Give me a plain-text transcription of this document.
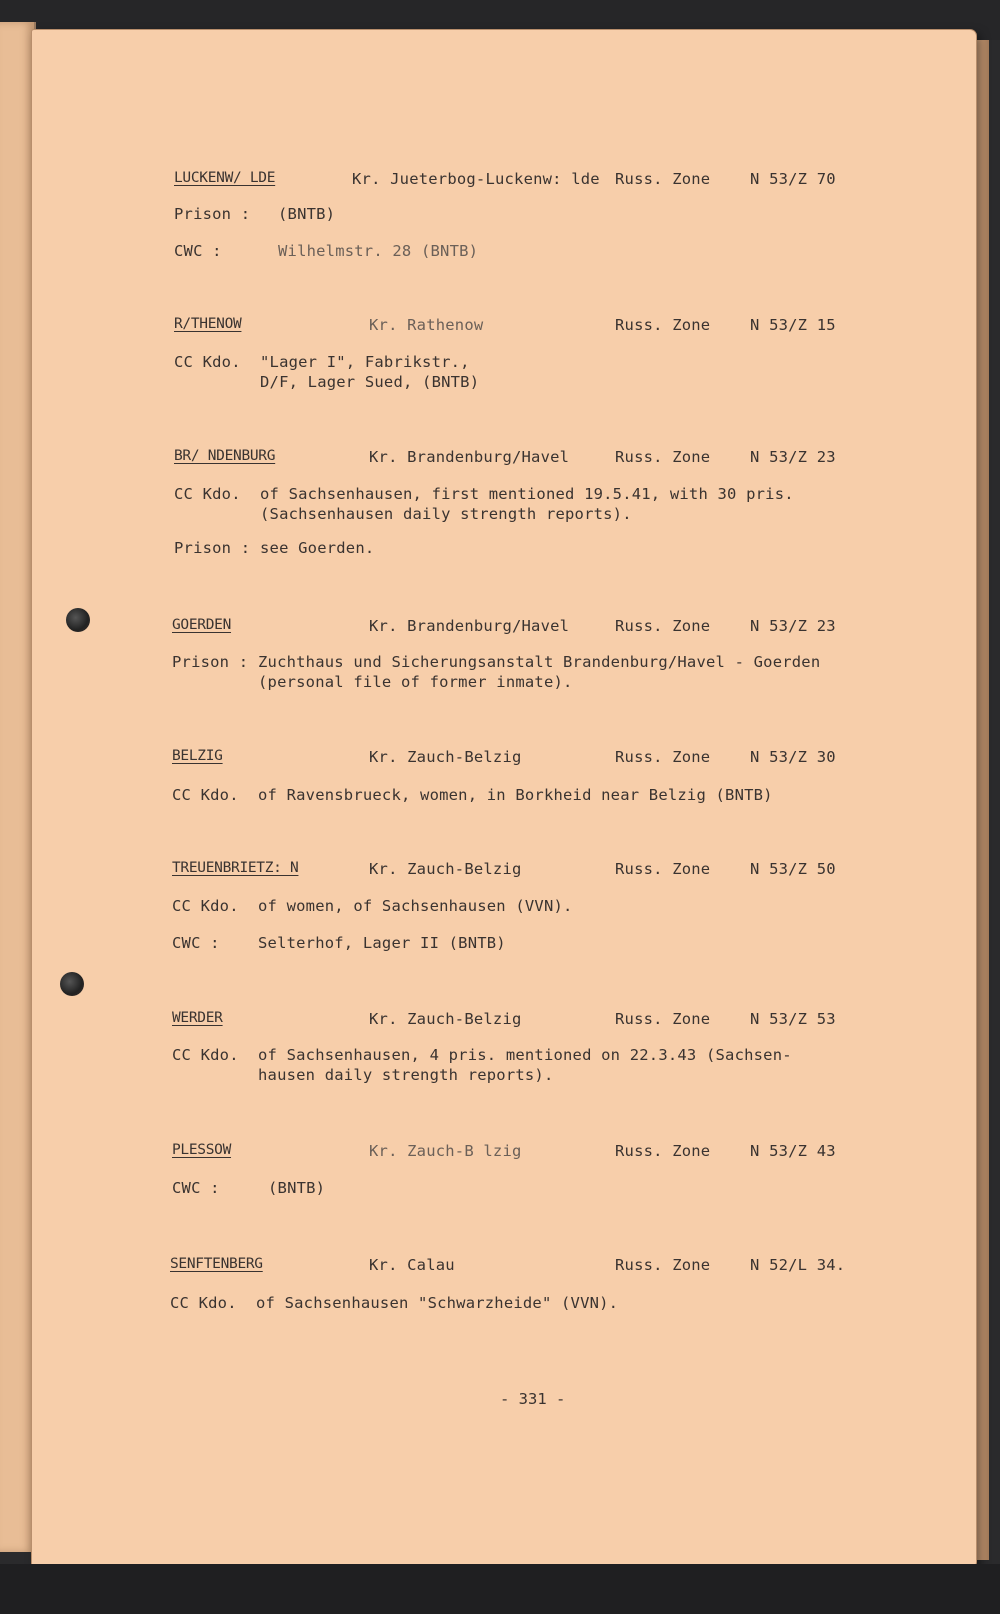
LUCKENW/ LDE	Kr. Jueterbog-Luckenw: lde Russ. Zone	N 53/Z 70
Prison : (BNTB)
CWC :	Wilhelmstr. 28 (BNTB)
R/THENOW	Kr. Rathenow	Russ. Zone	N 53/Z 15
CC Kdo. "Lager I", Fabrikstr.,
D/F, Lager Sued, (BNTB)
BR/ NDENBURG	Kr. Brandenburg/Havel	Russ. Zone	N 53/Z 23
CC Kdo. of Sachsenhausen, first mentioned 19.5.41, with 30 pris.
(Sachsenhausen daily strength reports).
Prison : see Goerden.
GOERDEN	Kr. Brandenburg/Havel	Russ. Zone	N 53/Z 23
Prison : Zuchthaus und Sicherungsanstalt Brandenburg/Havel - Goerden
(personal file of former inmate).
BELZIG	Kr. Zauch-Belzig	Russ. Zone	N 53/Z 30
CC Kdo. of Ravensbrueck, women, in Borkheid near Belzig (BNTB)
TREUENBRIETZ: N	Kr. Zauch-Belzig	Russ. Zone	N 53/Z 50
CC Kdo. of women, of Sachsenhausen (VVN).
CWC : Selterhof, Lager II (BNTB)
WERDER	Kr. Zauch-Belzig	Russ. Zone	N 53/Z 53
CC Kdo. of Sachsenhausen, 4 pris. mentioned on 22.3.43 (Sachsen-
hausen daily strength reports).
PLESSOW	Kr. Zauch-B lzig	Russ. Zone	N 53/Z 43
CWC :	(BNTB)
SENFTENBERG	Kr. Calau	Russ. Zone	N 52/L 34.
CC Kdo. of Sachsenhausen "Schwarzheide" (VVN).
- 331 -
